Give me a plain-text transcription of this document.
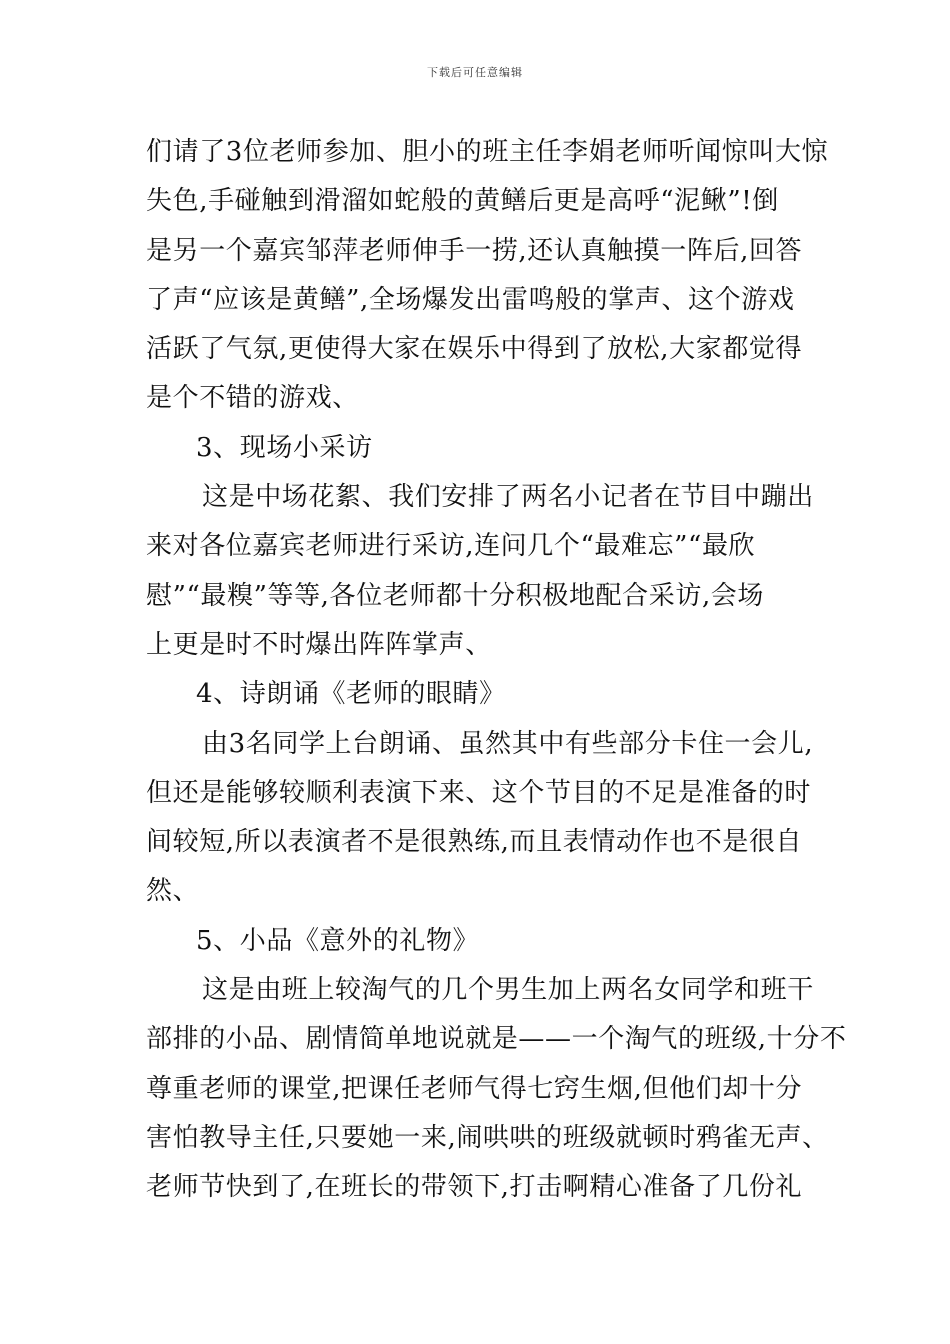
下载后可任意编辑
们请了3位老师参加、胆小的班主任李娟老师听闻惊叫大惊
失色,手碰触到滑溜如蛇般的黄鳝后更是高呼“泥鳅”!倒
是另一个嘉宾邹萍老师伸手一捞,还认真触摸一阵后,回答
了声“应该是黄鳝”,全场爆发出雷鸣般的掌声、这个游戏
活跃了气氛,更使得大家在娱乐中得到了放松,大家都觉得
是个不错的游戏、
3、现场小采访
这是中场花絮、我们安排了两名小记者在节目中蹦出
来对各位嘉宾老师进行采访,连问几个“最难忘”“最欣
慰”“最糗”等等,各位老师都十分积极地配合采访,会场
上更是时不时爆出阵阵掌声、
4、诗朗诵《老师的眼睛》
由3名同学上台朗诵、虽然其中有些部分卡住一会儿,
但还是能够较顺利表演下来、这个节目的不足是准备的时
间较短,所以表演者不是很熟练,而且表情动作也不是很自
然、
5、小品《意外的礼物》
这是由班上较淘气的几个男生加上两名女同学和班干
部排的小品、剧情简单地说就是——一个淘气的班级,十分不
尊重老师的课堂,把课任老师气得七窍生烟,但他们却十分
害怕教导主任,只要她一来,闹哄哄的班级就顿时鸦雀无声、
老师节快到了,在班长的带领下,打击啊精心准备了几份礼
